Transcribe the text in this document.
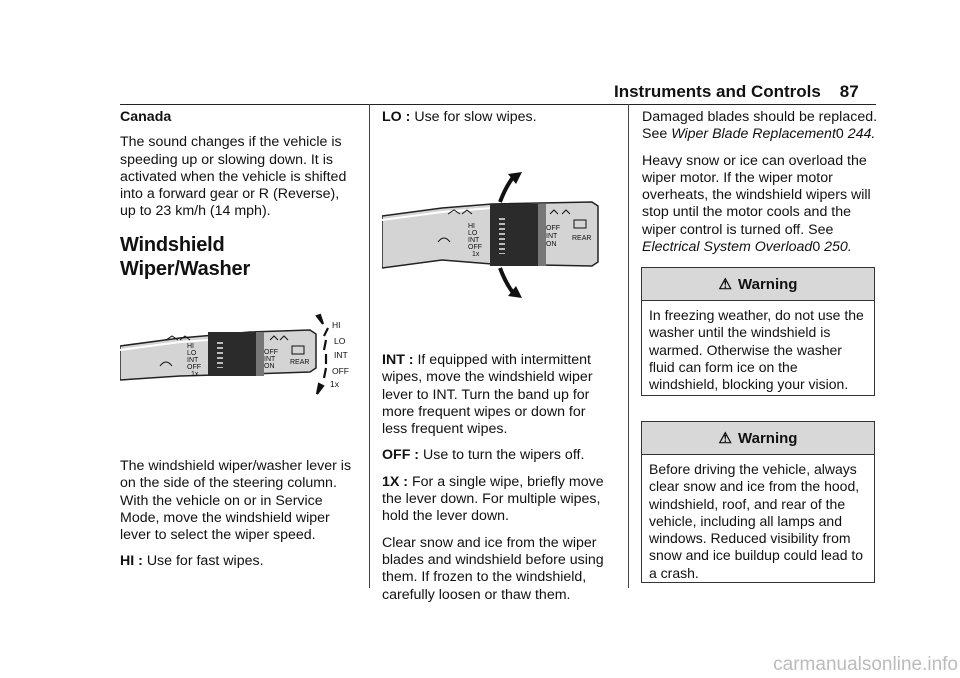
Instruments and Controls 87

Canada

The sound changes if the vehicle is speeding up or slowing down. It is activated when the vehicle is shifted into a forward gear or R (Reverse), up to 23 km/h (14 mph).

Windshield Wiper/Washer

The windshield wiper/washer lever is on the side of the steering column. With the vehicle on or in Service Mode, move the windshield wiper lever to select the wiper speed.

HI : Use for fast wipes.

HI
LO
INT
OFF
1x
OFF
INT
ON
REAR
HI
LO
INT
OFF
1x

LO : Use for slow wipes.

HI
LO
INT
OFF
1x
OFF
INT
ON
REAR

INT : If equipped with intermittent wipes, move the windshield wiper lever to INT. Turn the band up for more frequent wipes or down for less frequent wipes.

OFF : Use to turn the wipers off.

1X : For a single wipe, briefly move the lever down. For multiple wipes, hold the lever down.

Clear snow and ice from the wiper blades and windshield before using them. If frozen to the windshield, carefully loosen or thaw them.

Damaged blades should be replaced. See Wiper Blade Replacement0 244.

Heavy snow or ice can overload the wiper motor. If the wiper motor overheats, the windshield wipers will stop until the motor cools and the wiper control is turned off. See Electrical System Overload0 250.

⚠ Warning
In freezing weather, do not use the washer until the windshield is warmed. Otherwise the washer fluid can form ice on the windshield, blocking your vision.
⚠ Warning
Before driving the vehicle, always clear snow and ice from the hood, windshield, roof, and rear of the vehicle, including all lamps and windows. Reduced visibility from snow and ice buildup could lead to a crash.
carmanualsonline.info
